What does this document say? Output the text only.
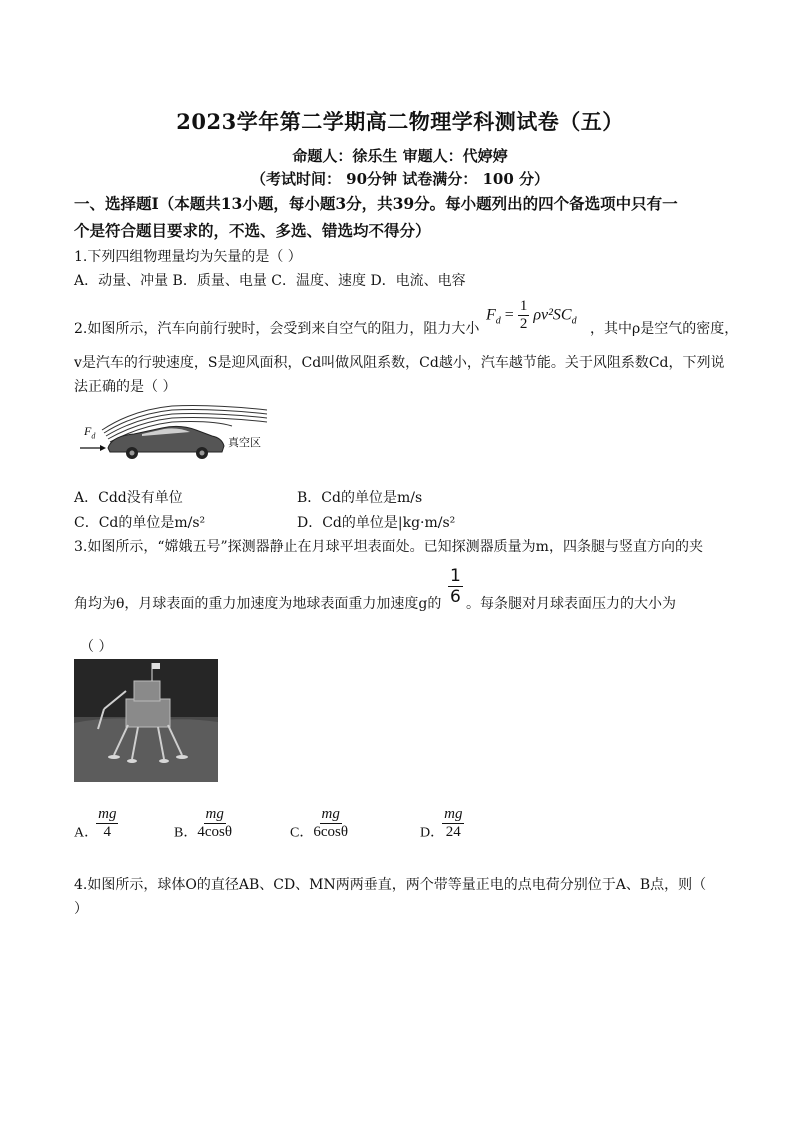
2023学年第二学期高二物理学科测试卷（五）
命题人：徐乐生 审题人：代婷婷
（考试时间： 90分钟 试卷满分： 100 分）
一、选择题Ⅰ（本题共13小题，每小题3分，共39分。每小题列出的四个备选项中只有一
个是符合题目要求的，不选、多选、错选均不得分）
1.下列四组物理量均为矢量的是（ ）
A．动量、冲量 B．质量、电量 C．温度、速度 D．电流、电容
2.如图所示，汽车向前行驶时，会受到来自空气的阻力，阻力大小
$F_d = \frac{1}{2} \rho v^2SC_d$ ，其中ρ是空气的密度，
v是汽车的行驶速度，S是迎风面积，Cd叫做风阻系数，Cd越小，汽车越节能。关于风阻系数Cd，下列说
法正确的是（ ）
$F_d$
真空区
A．Cdd没有单位	B．Cd的单位是m/s
C．Cd的单位是m/s²	D．Cd的单位是|kg·m/s²
3.如图所示，“嫦娥五号”探测器静止在月球平坦表面处。已知探测器质量为m，四条腿与竖直方向的夹
角均为θ，月球表面的重力加速度为地球表面重力加速度g的 $\frac{1}{6}$ 。每条腿对月球表面压力的大小为
（ ）
A．
$\frac{mg}{4}$	B．
$\frac{mg}{4\cos\theta}$	C．
$\frac{mg}{6\cos\theta}$	D．
$\frac{mg}{24}$
4.如图所示，球体O的直径AB、CD、MN两两垂直，两个带等量正电的点电荷分别位于A、B点，则（
）
